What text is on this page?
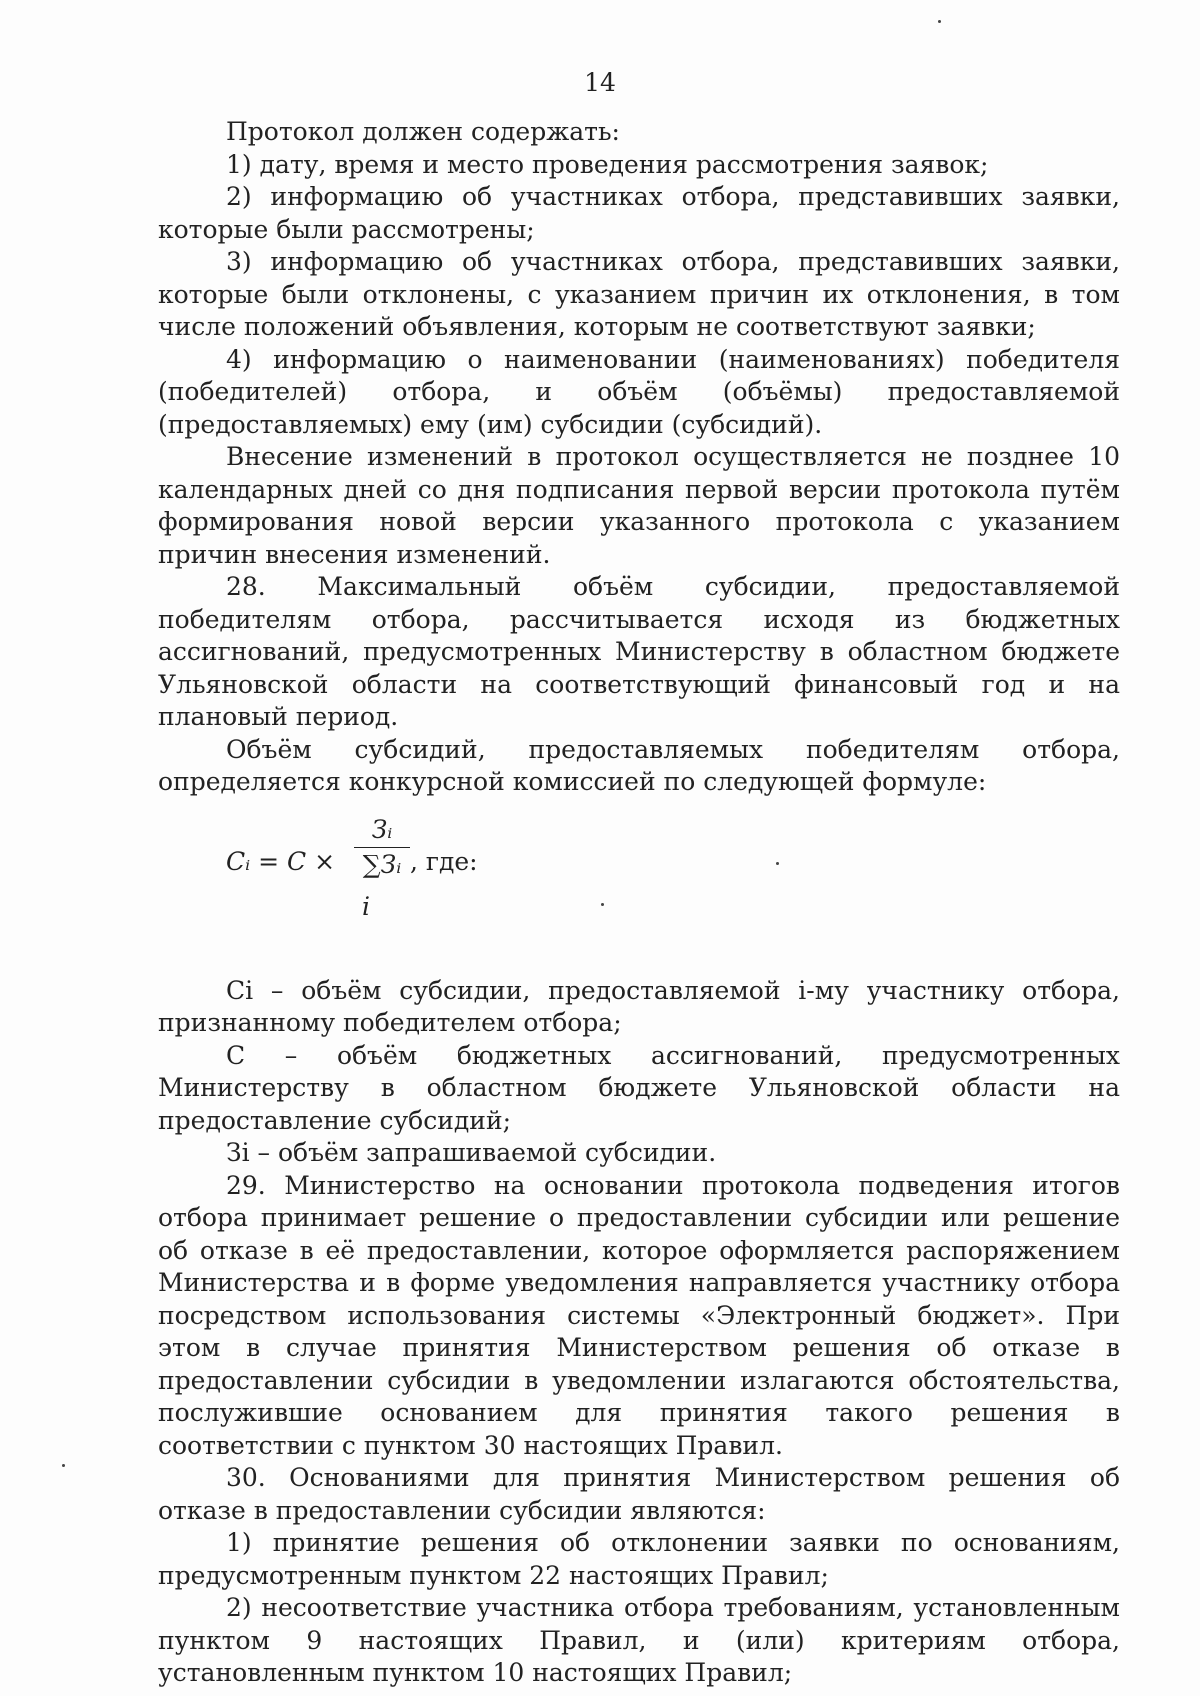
14

Протокол должен содержать:

1) дату, время и место проведения рассмотрения заявок;

2) информацию об участниках отбора, представивших заявки, которые были рассмотрены;

3) информацию об участниках отбора, представивших заявки, которые были отклонены, с указанием причин их отклонения, в том числе положений объявления, которым не соответствуют заявки;

4) информацию о наименовании (наименованиях) победителя (победителей) отбора, и объём (объёмы) предоставляемой (предоставляемых) ему (им) субсидии (субсидий).

Внесение изменений в протокол осуществляется не позднее 10 календарных дней со дня подписания первой версии протокола путём формирования новой версии указанного протокола с указанием причин внесения изменений.

28. Максимальный объём субсидии, предоставляемой победителям отбора, рассчитывается исходя из бюджетных ассигнований, предусмотренных Министерству в областном бюджете Ульяновской области на соответствующий финансовый год и на плановый период.

Объём субсидий, предоставляемых победителям отбора, определяется конкурсной комиссией по следующей формуле:

Cᵢ = C ×
Зᵢ
∑Зᵢ
i
, где:

Ci – объём субсидии, предоставляемой i-му участнику отбора, признанному победителем отбора;

С – объём бюджетных ассигнований, предусмотренных Министерству в областном бюджете Ульяновской области на предоставление субсидий;

Зi – объём запрашиваемой субсидии.

29. Министерство на основании протокола подведения итогов отбора принимает решение о предоставлении субсидии или решение об отказе в её предоставлении, которое оформляется распоряжением Министерства и в форме уведомления направляется участнику отбора посредством использования системы «Электронный бюджет». При этом в случае принятия Министерством решения об отказе в предоставлении субсидии в уведомлении излагаются обстоятельства, послужившие основанием для принятия такого решения в соответствии с пунктом 30 настоящих Правил.

30. Основаниями для принятия Министерством решения об отказе в предоставлении субсидии являются:

1) принятие решения об отклонении заявки по основаниям, предусмотренным пунктом 22 настоящих Правил;

2) несоответствие участника отбора требованиям, установленным пунктом 9 настоящих Правил, и (или) критериям отбора, установленным пунктом 10 настоящих Правил;
